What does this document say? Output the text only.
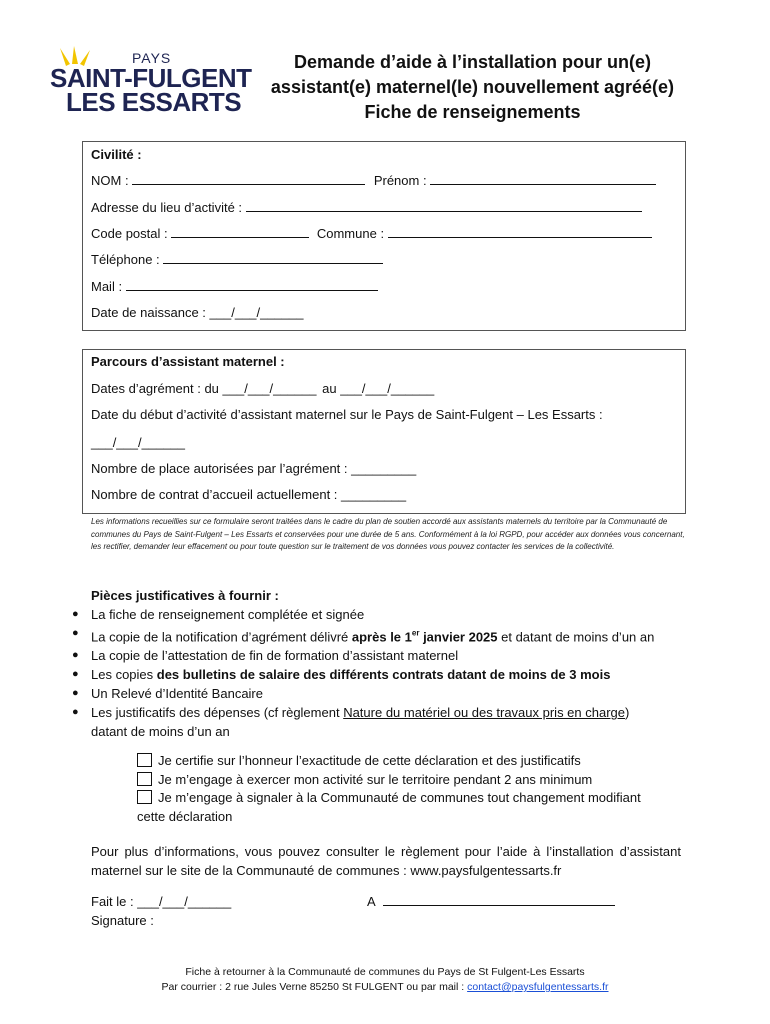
PAYS
SAINT-FULGENT
LES ESSARTS
Demande d’aide à l’installation pour un(e)
assistant(e) maternel(le) nouvellement agréé(e)
Fiche de renseignements
Civilité :
NOM :	Prénom :
Adresse du lieu d’activité :
Code postal :	Commune :
Téléphone :
Mail :
Date de naissance : ___/___/______
Parcours d’assistant maternel :
Dates d’agrément : du ___/___/______ au ___/___/______
Date du début d’activité d’assistant maternel sur le Pays de Saint-Fulgent – Les Essarts :
___/___/______
Nombre de place autorisées par l’agrément : _________
Nombre de contrat d’accueil actuellement : _________
Les informations recueillies sur ce formulaire seront traitées dans le cadre du plan de soutien accordé aux assistants maternels du territoire par la Communauté de communes du Pays de Saint-Fulgent – Les Essarts et conservées pour une durée de 5 ans. Conformément à la loi RGPD, pour accéder aux données vous concernant, les rectifier, demander leur effacement ou pour toute question sur le traitement de vos données vous pouvez contacter les services de la collectivité.
Pièces justificatives à fournir :
● La fiche de renseignement complétée et signée
● La copie de la notification d’agrément délivré après le 1er janvier 2025 et datant de moins d’un an
● La copie de l’attestation de fin de formation d’assistant maternel
● Les copies des bulletins de salaire des différents contrats datant de moins de 3 mois
● Un Relevé d’Identité Bancaire
● Les justificatifs des dépenses (cf règlement Nature du matériel ou des travaux pris en charge)
datant de moins d’un an
Je certifie sur l’honneur l’exactitude de cette déclaration et des justificatifs
Je m’engage à exercer mon activité sur le territoire pendant 2 ans minimum
Je m’engage à signaler à la Communauté de communes tout changement modifiant
cette déclaration
Pour plus d’informations, vous pouvez consulter le règlement pour l’aide à l’installation d’assistant maternel sur le site de la Communauté de communes : www.paysfulgentessarts.fr
Fait le : ___/___/______	A
Signature :
Fiche à retourner à la Communauté de communes du Pays de St Fulgent-Les Essarts
Par courrier : 2 rue Jules Verne 85250 St FULGENT ou par mail : contact@paysfulgentessarts.fr
